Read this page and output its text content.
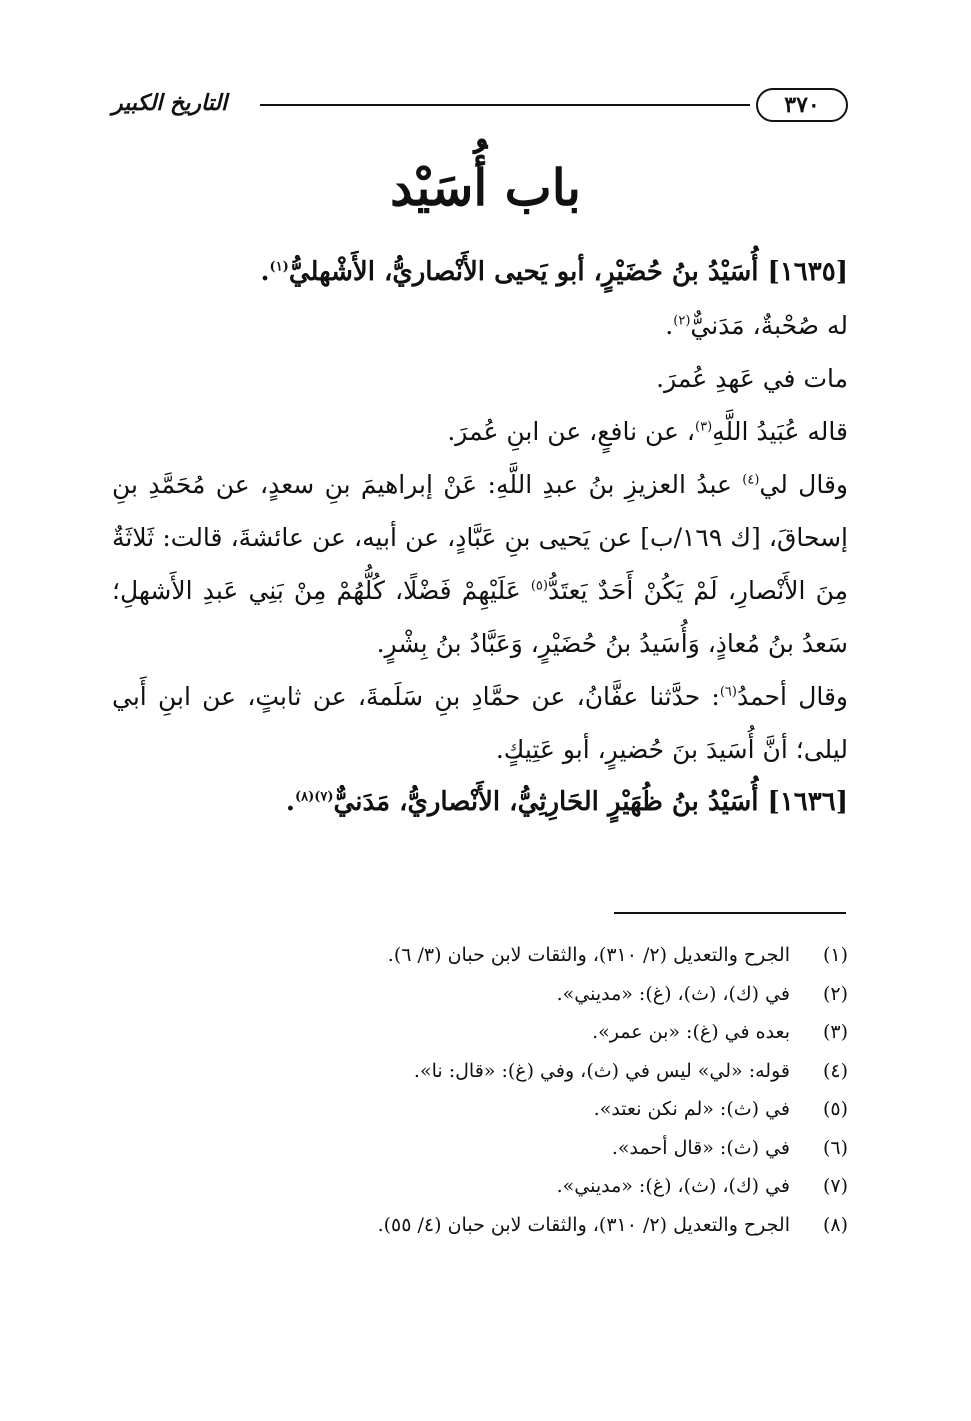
٣٧٠
التاريخ الكبير
باب أُسَيْد

[١٦٣٥] أُسَيْدُ بنُ حُضَيْرٍ، أبو يَحيى الأَنْصاريُّ، الأَشْهليُّ$^{(١)}$.

له صُحْبةٌ، مَدَنيٌّ$^{(٢)}$.

مات في عَهدِ عُمرَ.

قاله عُبَيدُ اللَّهِ$^{(٣)}$، عن نافعٍ، عن ابنِ عُمرَ.

وقال لي$^{(٤)}$ عبدُ العزيزِ بنُ عبدِ اللَّهِ: عَنْ إبراهيمَ بنِ سعدٍ، عن مُحَمَّدِ بنِ إسحاقَ، [ك ١٦٩/ب] عن يَحيى بنِ عَبَّادٍ، عن أبيه، عن عائشةَ، قالت: ثَلاثَةٌ مِنَ الأَنْصارِ، لَمْ يَكُنْ أَحَدٌ يَعتَدُّ$^{(٥)}$ عَلَيْهِمْ فَضْلًا، كُلُّهُمْ مِنْ بَنِي عَبدِ الأَشهلِ؛ سَعدُ بنُ مُعاذٍ، وَأُسَيدُ بنُ حُضَيْرٍ، وَعَبَّادُ بنُ بِشْرٍ.

وقال أحمدُ$^{(٦)}$: حدَّثنا عفَّانُ، عن حمَّادِ بنِ سَلَمةَ، عن ثابتٍ، عن ابنِ أَبي ليلى؛ أنَّ أُسَيدَ بنَ حُضيرٍ، أبو عَتِيكٍ.

[١٦٣٦] أُسَيْدُ بنُ ظُهَيْرٍ الحَارِثِيُّ، الأَنْصاريُّ، مَدَنيٌّ$^{(٧)(٨)}$.

(١)الجرح والتعديل (٢/ ٣١٠)، والثقات لابن حبان (٣/ ٦).
(٢)في (ك)، (ث)، (غ): «مديني».
(٣)بعده في (غ): «بن عمر».
(٤)قوله: «لي» ليس في (ث)، وفي (غ): «قال: نا».
(٥)في (ث): «لم نكن نعتد».
(٦)في (ث): «قال أحمد».
(٧)في (ك)، (ث)، (غ): «مديني».
(٨)الجرح والتعديل (٢/ ٣١٠)، والثقات لابن حبان (٤/ ٥٥).
